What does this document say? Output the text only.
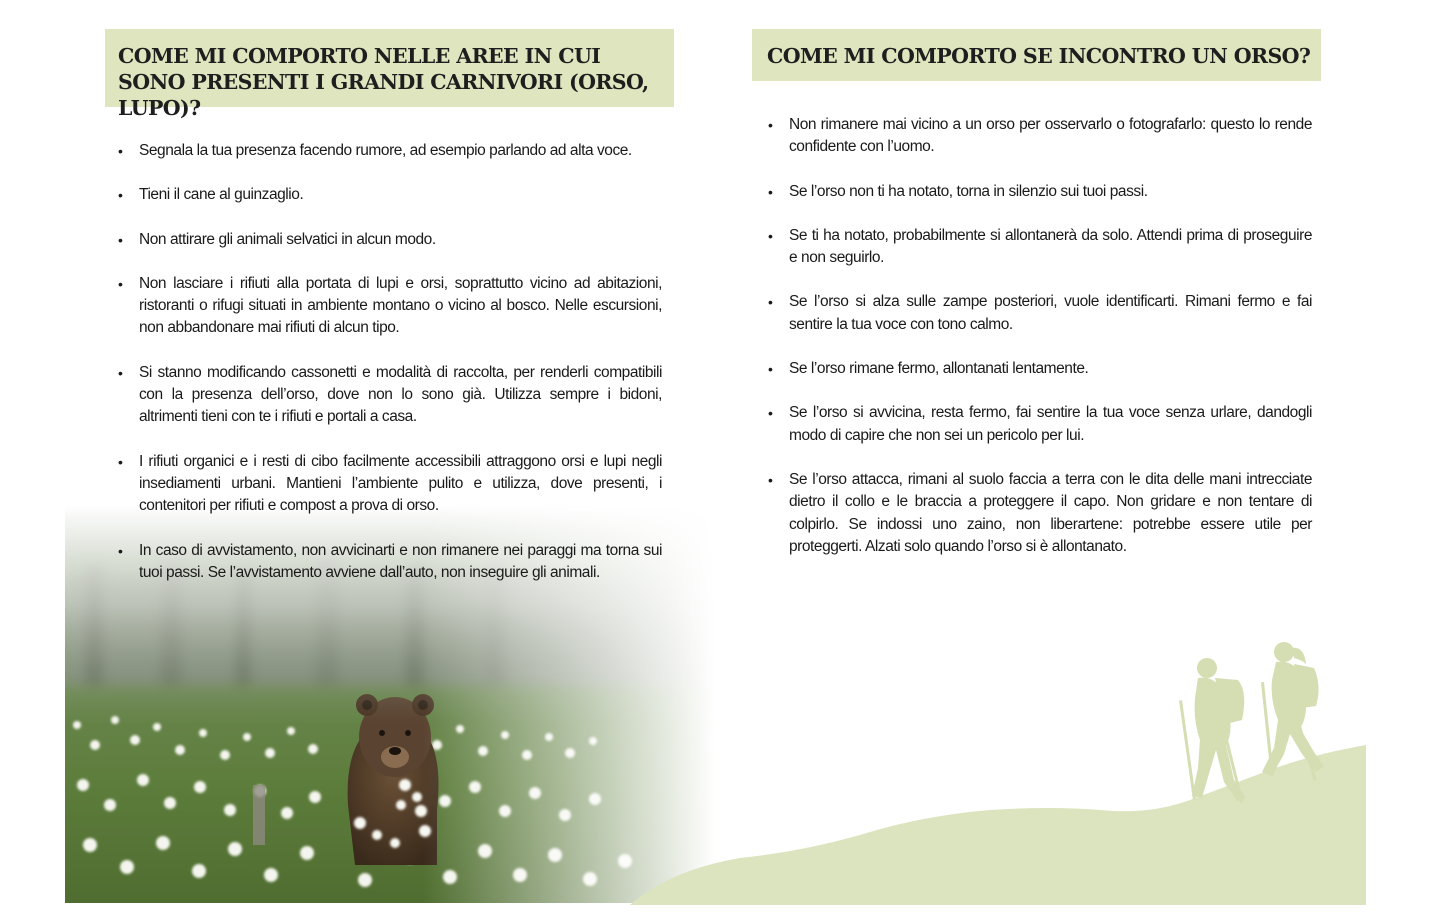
COME MI COMPORTO NELLE AREE IN CUI SONO PRESENTI I GRANDI CARNIVORI (ORSO, LUPO)?
COME MI COMPORTO SE INCONTRO UN ORSO?
• Segnala la tua presenza facendo rumore, ad esempio parlando ad alta voce.
• Tieni il cane al guinzaglio.
• Non attirare gli animali selvatici in alcun modo.
• Non lasciare i rifiuti alla portata di lupi e orsi, soprattutto vicino ad abitazioni, ristoranti o rifugi situati in ambiente montano o vicino al bosco. Nelle escursioni, non abbandonare mai rifiuti di alcun tipo.
• Si stanno modificando cassonetti e modalità di raccolta, per renderli compatibili con la presenza dell’orso, dove non lo sono già. Utilizza sempre i bidoni, altrimenti tieni con te i rifiuti e portali a casa.
• I rifiuti organici e i resti di cibo facilmente accessibili attraggono orsi e lupi negli insediamenti urbani. Mantieni l’ambiente pulito e utilizza, dove presenti, i contenitori per rifiuti e compost a prova di orso.
• In caso di avvistamento, non avvicinarti e non rimanere nei paraggi ma torna sui tuoi passi. Se l’avvistamento avviene dall’auto, non inseguire gli animali.
• Non rimanere mai vicino a un orso per osservarlo o fotografarlo: questo lo rende confidente con l’uomo.
• Se l’orso non ti ha notato, torna in silenzio sui tuoi passi.
• Se ti ha notato, probabilmente si allontanerà da solo. Attendi prima di proseguire e non seguirlo.
• Se l’orso si alza sulle zampe posteriori, vuole identificarti. Rimani fermo e fai sentire la tua voce con tono calmo.
• Se l’orso rimane fermo, allontanati lentamente.
• Se l’orso si avvicina, resta fermo, fai sentire la tua voce senza urlare, dandogli modo di capire che non sei un pericolo per lui.
• Se l’orso attacca, rimani al suolo faccia a terra con le dita delle mani intrecciate dietro il collo e le braccia a proteggere il capo. Non gridare e non tentare di colpirlo. Se indossi uno zaino, non liberartene: potrebbe essere utile per proteggerti. Alzati solo quando l’orso si è allontanato.
